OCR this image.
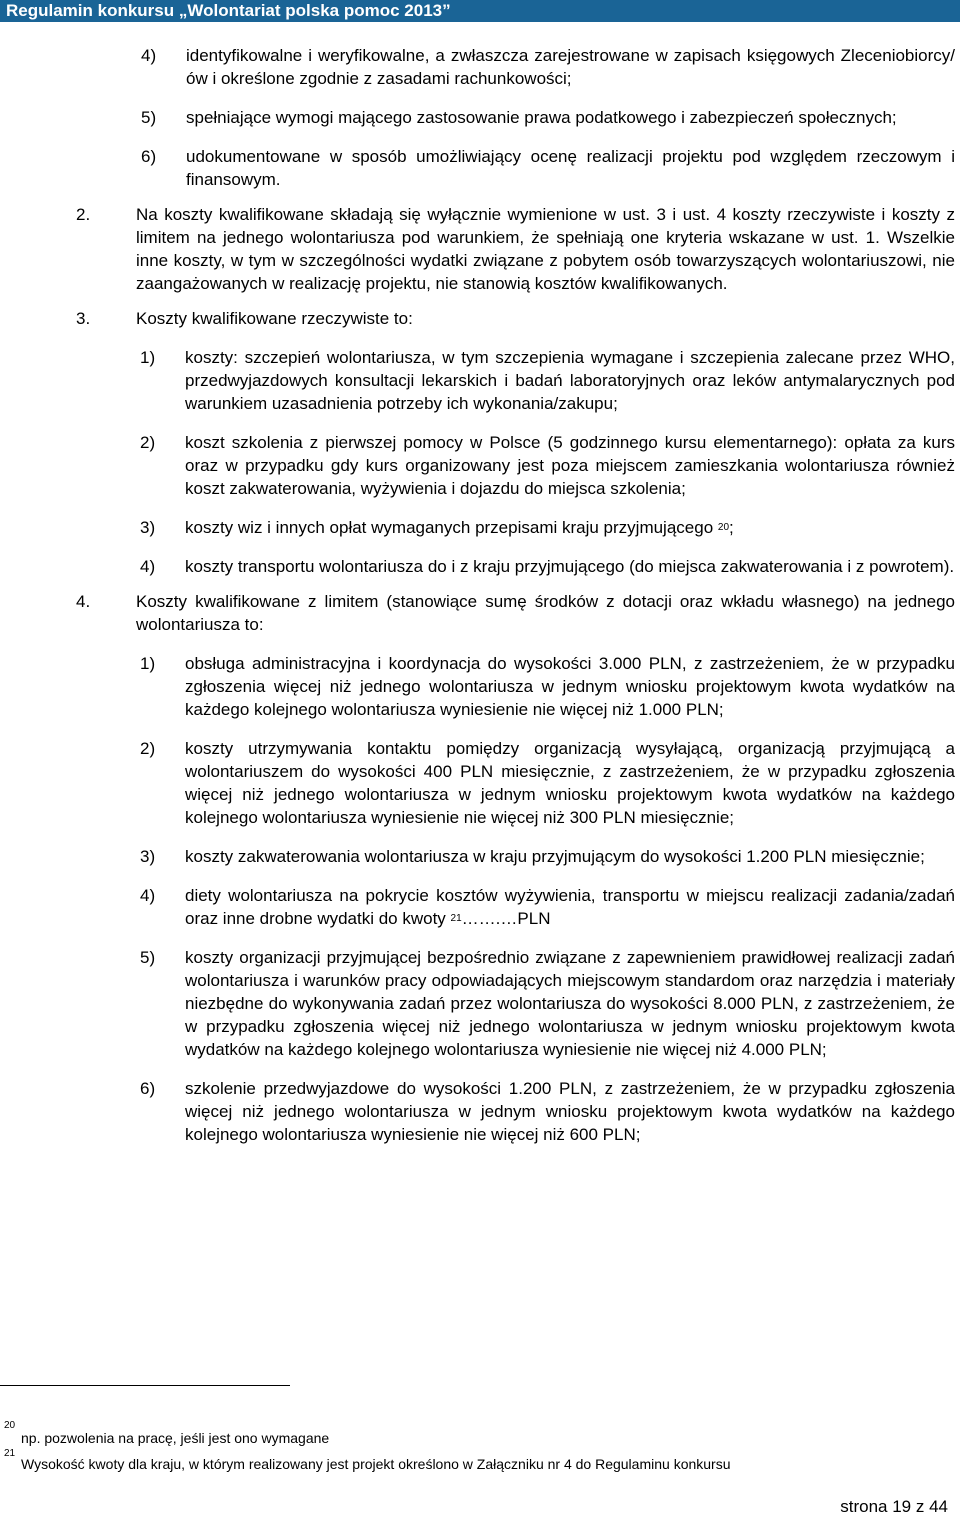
Regulamin konkursu „Wolontariat polska pomoc 2013”
4) identyfikowalne i weryfikowalne, a zwłaszcza zarejestrowane w zapisach księgowych Zleceniobiorcy/ów i określone zgodnie z zasadami rachunkowości;

5) spełniające wymogi mającego zastosowanie prawa podatkowego i zabezpieczeń społecznych;

6) udokumentowane w sposób umożliwiający ocenę realizacji projektu pod względem rzeczowym i finansowym.

2.	Na koszty kwalifikowane składają się wyłącznie wymienione w ust. 3 i ust. 4 koszty rzeczywiste i koszty z limitem na jednego wolontariusza pod warunkiem, że spełniają one kryteria wskazane w ust. 1. Wszelkie inne koszty, w tym w szczególności wydatki związane z pobytem osób towarzyszących wolontariuszowi, nie zaangażowanych w realizację projektu, nie stanowią kosztów kwalifikowanych.

3.	Koszty kwalifikowane rzeczywiste to:

1) koszty: szczepień wolontariusza, w tym szczepienia wymagane i szczepienia zalecane przez WHO, przedwyjazdowych konsultacji lekarskich i badań laboratoryjnych oraz leków antymalarycznych pod warunkiem uzasadnienia potrzeby ich wykonania/zakupu;

2) koszt szkolenia z pierwszej pomocy w Polsce (5 godzinnego kursu elementarnego): opłata za kurs oraz w przypadku gdy kurs organizowany jest poza miejscem zamieszkania wolontariusza również koszt zakwaterowania, wyżywienia i dojazdu do miejsca szkolenia;

3) koszty wiz i innych opłat wymaganych przepisami kraju przyjmującego $^{20}$;

4) koszty transportu wolontariusza do i z kraju przyjmującego (do miejsca zakwaterowania i z powrotem).

4.	Koszty kwalifikowane z limitem (stanowiące sumę środków z dotacji oraz wkładu własnego) na jednego wolontariusza to:

1) obsługa administracyjna i koordynacja do wysokości 3.000 PLN, z zastrzeżeniem, że w przypadku zgłoszenia więcej niż jednego wolontariusza w jednym wniosku projektowym kwota wydatków na każdego kolejnego wolontariusza wyniesienie nie więcej niż 1.000 PLN;

2) koszty utrzymywania kontaktu pomiędzy organizacją wysyłającą, organizacją przyjmującą a wolontariuszem do wysokości 400 PLN miesięcznie, z zastrzeżeniem, że w przypadku zgłoszenia więcej niż jednego wolontariusza w jednym wniosku projektowym kwota wydatków na każdego kolejnego wolontariusza wyniesienie nie więcej niż 300 PLN miesięcznie;

3) koszty zakwaterowania wolontariusza w kraju przyjmującym do wysokości 1.200 PLN miesięcznie;

4) diety wolontariusza na pokrycie kosztów wyżywienia, transportu w miejscu realizacji zadania/zadań oraz inne drobne wydatki do kwoty $^{21}$…….…PLN

5) koszty organizacji przyjmującej bezpośrednio związane z zapewnieniem prawidłowej realizacji zadań wolontariusza i warunków pracy odpowiadających miejscowym standardom oraz narzędzia i materiały niezbędne do wykonywania zadań przez wolontariusza do wysokości 8.000 PLN, z zastrzeżeniem, że w przypadku zgłoszenia więcej niż jednego wolontariusza w jednym wniosku projektowym kwota wydatków na każdego kolejnego wolontariusza wyniesienie nie więcej niż 4.000 PLN;

6) szkolenie przedwyjazdowe do wysokości 1.200 PLN, z zastrzeżeniem, że w przypadku zgłoszenia więcej niż jednego wolontariusza w jednym wniosku projektowym kwota wydatków na każdego kolejnego wolontariusza wyniesienie nie więcej niż 600 PLN;

20
np. pozwolenia na pracę, jeśli jest ono wymagane
21
Wysokość kwoty dla kraju, w którym realizowany jest projekt określono w Załączniku nr 4 do Regulaminu konkursu
strona 19 z 44
